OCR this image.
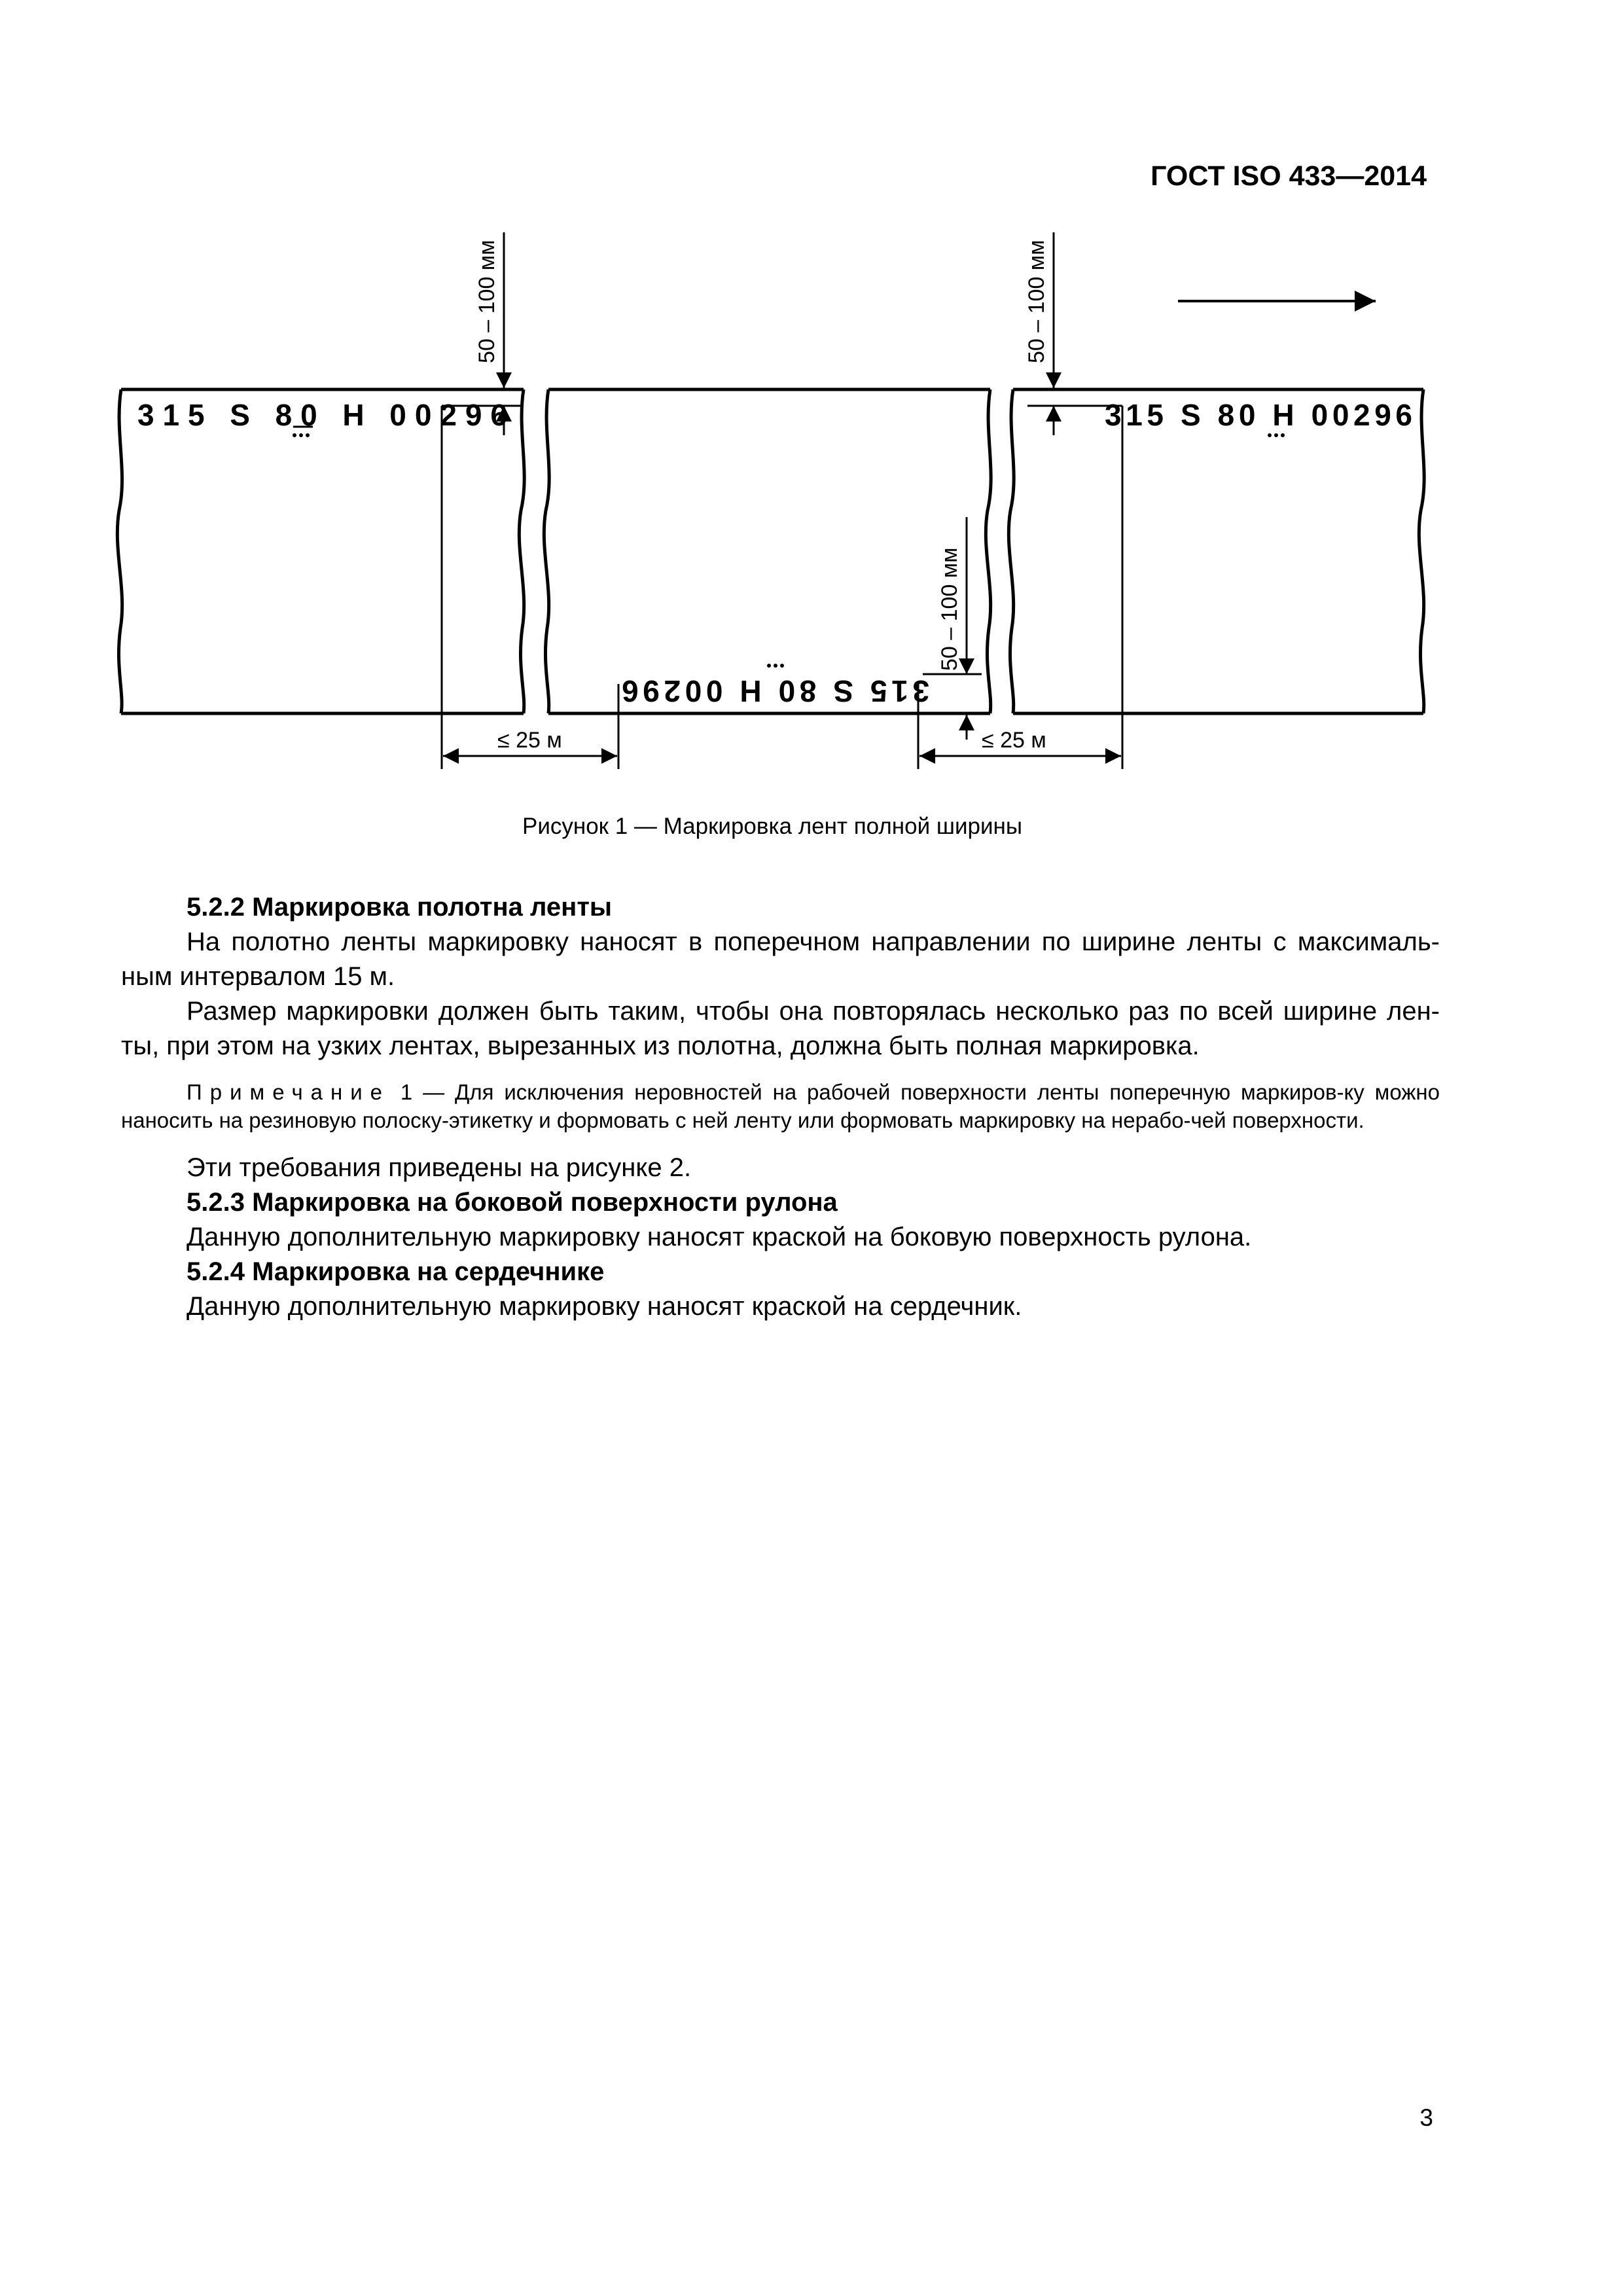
ГОСТ ISO 433—2014
315 S 80 H 00296	315 S 80 H 00296
315 S 80 H 00296
50 – 100 мм	50 – 100 мм
50 – 100 мм
≤ 25 м	≤ 25 м
Рисунок 1 — Маркировка лент полной ширины
5.2.2 Маркировка полотна ленты
На полотно ленты маркировку наносят в поперечном направлении по ширине ленты с максималь-ным интервалом 15 м.
Размер маркировки должен быть таким, чтобы она повторялась несколько раз по всей ширине лен-ты, при этом на узких лентах, вырезанных из полотна, должна быть полная маркировка.
Примечание 1 — Для исключения неровностей на рабочей поверхности ленты поперечную маркиров-ку можно наносить на резиновую полоску-этикетку и формовать с ней ленту или формовать маркировку на нерабо-чей поверхности.
Эти требования приведены на рисунке 2.
5.2.3 Маркировка на боковой поверхности рулона
Данную дополнительную маркировку наносят краской на боковую поверхность рулона.
5.2.4 Маркировка на сердечнике
Данную дополнительную маркировку наносят краской на сердечник.
3
